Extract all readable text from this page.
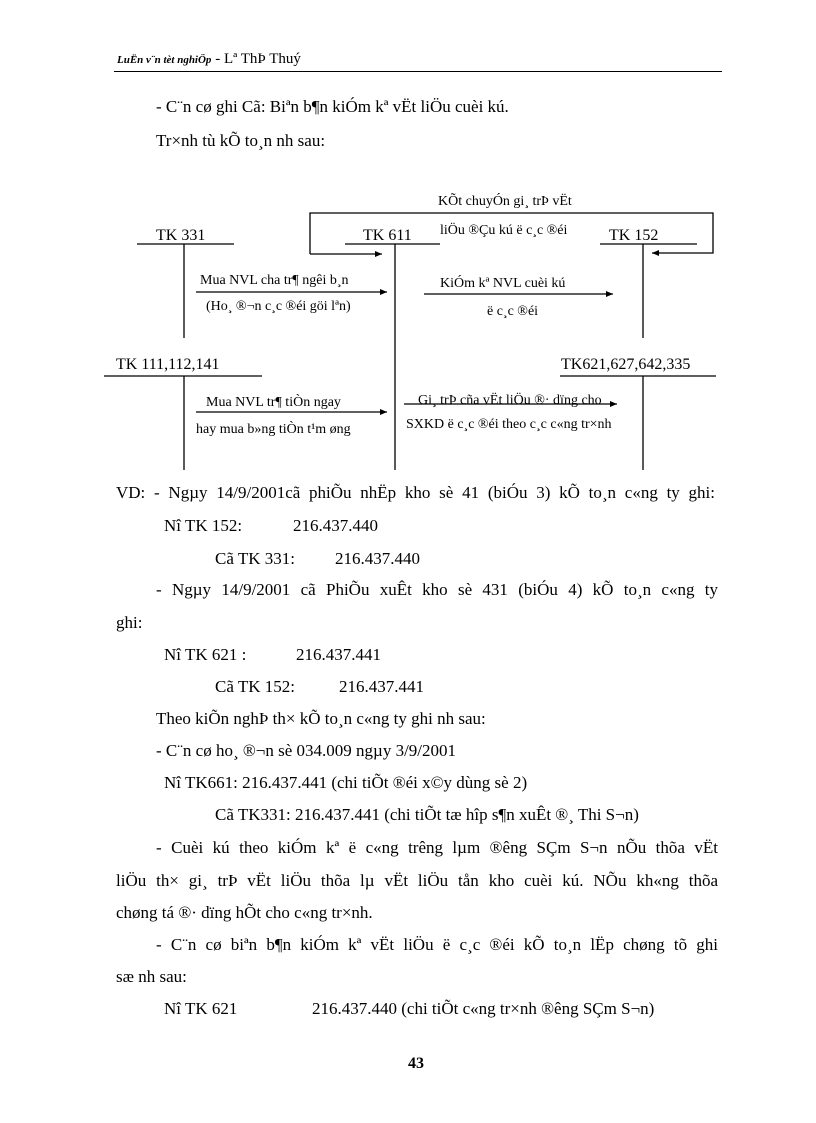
LuËn v¨n tèt nghiÖp - Lª ThÞ Thuý
- C¨n cø ghi Cã: Biªn b¶n kiÓm kª vËt liÖu cuèi kú.
Tr×nh tù kÕ to¸n nh sau:
KÕt chuyÓn gi¸ trÞ vËt
liÖu ®Çu kú ë c¸c ®éi
TK 331	TK 611	TK 152
TK 111,112,141	TK621,627,642,335
Mua NVL cha tr¶ ngêi b¸n
(Ho¸ ®¬n c¸c ®éi göi lªn)
KiÓm kª NVL cuèi kú
ë c¸c ®éi
Mua NVL tr¶ tiÒn ngay
hay mua b»ng tiÒn t¹m øng
Gi¸ trÞ cña vËt liÖu ®· dïng cho
SXKD ë c¸c ®éi theo c¸c c«ng tr×nh
VD: - Ngµy 14/9/2001cã phiÕu nhËp kho sè 41 (biÓu 3) kÕ to¸n c«ng ty ghi:
Nî TK 152:	216.437.440
Cã TK 331: 216.437.440
- Ngµy 14/9/2001 cã PhiÕu xuÊt kho sè 431 (biÓu 4) kÕ to¸n c«ng ty
ghi:
Nî TK 621 :	216.437.441
Cã TK 152:	216.437.441
Theo kiÕn nghÞ th× kÕ to¸n c«ng ty ghi nh sau:
- C¨n cø ho¸ ®¬n sè 034.009 ngµy 3/9/2001
Nî TK661: 216.437.441 (chi tiÕt ®éi x©y dùng sè 2)
Cã TK331: 216.437.441 (chi tiÕt tæ hîp s¶n xuÊt ®¸ Thi S¬n)
- Cuèi kú theo kiÓm kª ë c«ng trêng lµm ®êng SÇm S¬n nÕu thõa vËt
liÖu th× gi¸ trÞ vËt liÖu thõa lµ vËt liÖu tån kho cuèi kú. NÕu kh«ng thõa
chøng tá ®· dïng hÕt cho c«ng tr×nh.
- C¨n cø biªn b¶n kiÓm kª vËt liÖu ë c¸c ®éi kÕ to¸n lËp chøng tõ ghi
sæ nh sau:
Nî TK 621	216.437.440 (chi tiÕt c«ng tr×nh ®êng SÇm S¬n)
43
